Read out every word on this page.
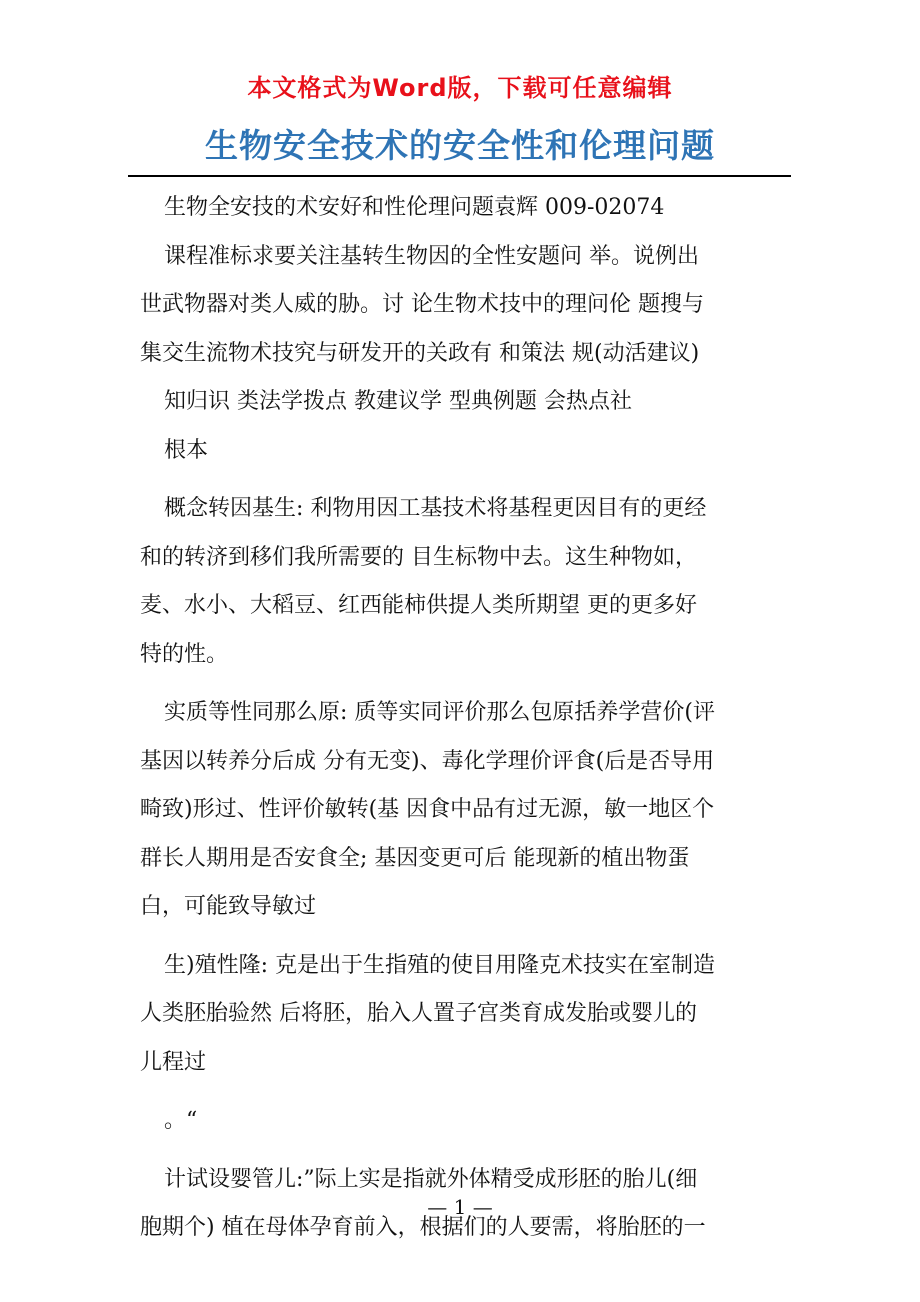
本文格式为Word版，下载可任意编辑
生物安全技术的安全性和伦理问题

生物全安技的术安好和性伦理问题袁辉 009-02074

课程准标求要关注基转生物因的全性安题问 举。说例出

世武物器对类人威的胁。讨 论生物术技中的理问伦 题搜与

集交生流物术技究与研发开的关政有 和策法 规(动活建议)

知归识 类法学拨点 教建议学 型典例题 会热点社

根本

概念转因基生: 利物用因工基技术将基程更因目有的更经

和的转济到移们我所需要的 目生标物中去。这生种物如，

麦、水小、大稻豆、红西能柿供提人类所期望 更的更多好

特的性。

实质等性同那么原: 质等实同评价那么包原括养学营价(评

基因以转养分后成 分有无变)、毒化学理价评食(后是否导用

畸致)形过、性评价敏转(基 因食中品有过无源，敏一地区个

群长人期用是否安食全; 基因变更可后 能现新的植出物蛋

白，可能致导敏过

生)殖性隆: 克是出于生指殖的使目用隆克术技实在室制造

人类胚胎验然 后将胚，胎入人置子宫类育成发胎或婴儿的

儿程过

。“

计试设婴管儿:”际上实是指就外体精受成形胚的胎儿(细

胞期个) 植在母体孕育前入，根据们的人要需，将胎胚的一

— 1 —
